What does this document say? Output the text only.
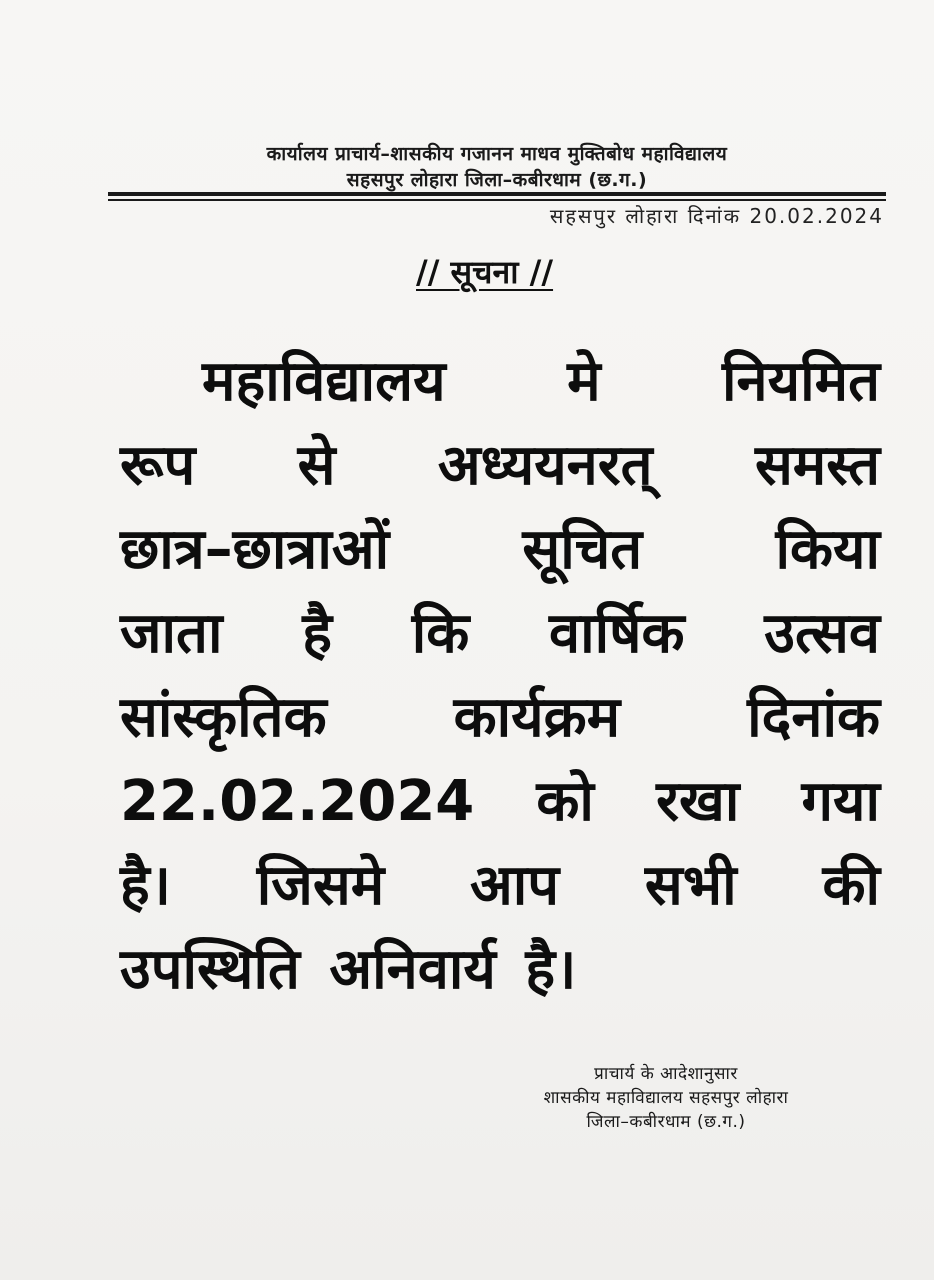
कार्यालय प्राचार्य–शासकीय गजानन माधव मुक्तिबोध महाविद्यालय
सहसपुर लोहारा जिला–कबीरधाम (छ.ग.)
सहसपुर लोहारा दिनांक 20.02.2024
// सूचना //
महाविद्यालय मे नियमित
रूप से अध्ययनरत् समस्त
छात्र–छात्राओं सूचित किया
जाता है कि वार्षिक उत्सव
सांस्कृतिक कार्यक्रम दिनांक
22.02.2024 को रखा गया
है। जिसमे आप सभी की
उपस्थिति अनिवार्य है।
प्राचार्य के आदेशानुसार
शासकीय महाविद्यालय सहसपुर लोहारा
जिला–कबीरधाम (छ.ग.)
